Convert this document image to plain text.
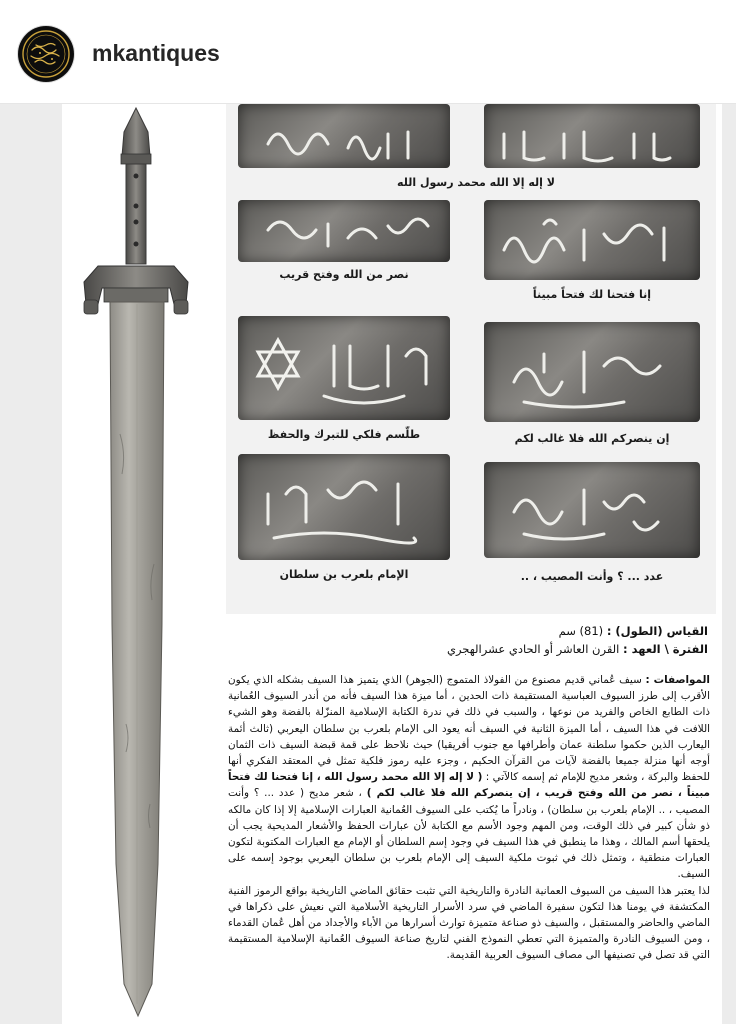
mkantiques
لا إله إلا الله محمد رسول الله
نصر من الله وفتح قريب
إنا فتحنا لك فتحاً مبيناً
طلّسم فلكي للتبرك والحفظ	إن ينصركم الله فلا غالب لكم
الإمام بلعرب بن سلطان	عدد ... ؟ وأنت المصيب ، ..
القياس (الطول) : (81) سم
الفترة \ العهد : القرن العاشر أو الحادي عشرالهجري

المواصفات : سيف عُماني قديم مصنوع من الفولاذ المتموج (الجوهر) الذي يتميز هذا السيف بشكله الذي يكون الأقرب إلى طرز السيوف العباسية المستقيمة ذات الحدين ، أما ميزة هذا السيف فأنه من أندر السيوف العُمانية ذات الطابع الخاص والفريد من نوعها ، والسبب في ذلك في ندرة الكتابة الإسلامية المنزّلة بالفضة وهو الشيء اللافت في هذا السيف ، أما الميزة الثانية في السيف أنه يعود الى الإمام بلعرب بن سلطان اليعربي (ثالث أئمة اليعارب الذين حكموا سلطنة عمان وأطرافها مع جنوب أفريقيا) حيث نلاحظ على قمة قبضة السيف ذات الثمان أوجه أنها منزلة جميعا بالفضة لآيات من القرآن الحكيم ، وجزء عليه رموز فلكية تمثل في المعتقد الفكري أنها للحفظ والبركة ، وشعر مديح للإمام ثم إسمه كالآتي : ( لا إله إلا الله محمد رسول الله ، إنا فتحنا لك فتحاً مبيناً ، نصر من الله وفتح قريب ، إن ينصركم الله فلا غالب لكم ) ، شعر مديح ( عدد ... ؟ وأنت المصيب ، .. الإمام بلعرب بن سلطان) ، ونادراً ما يُكتب على السيوف العُمانية العبارات الإسلامية إلا إذا كان مالكه ذو شأن كبير في ذلك الوقت، ومن المهم وجود الأسم مع الكتابة لأن عبارات الحفظ والأشعار المديحية يجب أن يلحقها أسم المالك ، وهذا ما ينطبق في هذا السيف في وجود إسم السلطان أو الإمام مع العبارات المكتوبة لتكون العبارات منطقية ، وتمثل ذلك في ثبوت ملكية السيف إلى الإمام بلعرب بن سلطان اليعربي بوجود إسمه على السيف.

لذا يعتبر هذا السيف من السيوف العمانية النادرة والتاريخية التي تثبت حقائق الماضي التاريخية بواقع الرموز الفنية المكتشفة في يومنا هذا لتكون سفيرة الماضي في سرد الأسرار التاريخية الأسلامية التي نعيش على ذكراها في الماضي والحاضر والمستقبل ، والسيف ذو صناعة متميزة توارث أسرارها من الأباء والأجداد من أهل عُمان القدماء ، ومن السيوف النادرة والمتميزة التي تعطي النموذج الفني لتاريخ صناعة السيوف العُمانية الإسلامية المستقيمة التي قد تصل في تصنيفها الى مصاف السيوف العربية القديمة.
